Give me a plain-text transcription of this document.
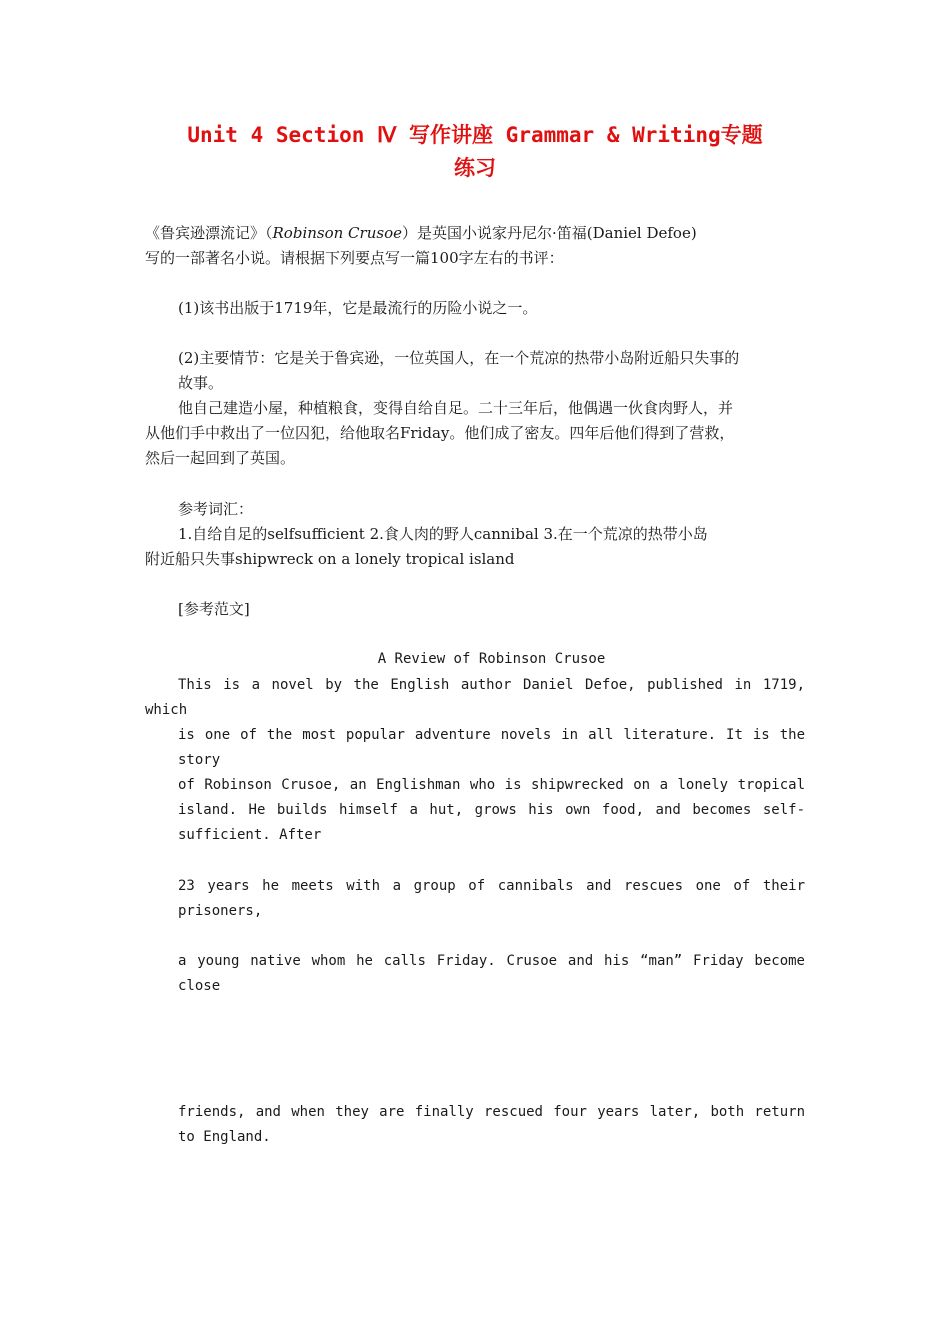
Unit 4 Section Ⅳ 写作讲座 Grammar & Writing专题
练习
《鲁宾逊漂流记》（Robinson Crusoe）是英国小说家丹尼尔·笛福(Daniel Defoe)
写的一部著名小说。请根据下列要点写一篇100字左右的书评：
(1)该书出版于1719年，它是最流行的历险小说之一。
(2)主要情节：它是关于鲁宾逊，一位英国人，在一个荒凉的热带小岛附近船只失事的
故事。
他自己建造小屋，种植粮食，变得自给自足。二十三年后，他偶遇一伙食肉野人，并
从他们手中救出了一位囚犯，给他取名Friday。他们成了密友。四年后他们得到了营救，
然后一起回到了英国。
参考词汇：
1.自给自足的selfsufficient 2.食人肉的野人cannibal 3.在一个荒凉的热带小岛
附近船只失事shipwreck on a lonely tropical island
[参考范文]
A Review of Robinson Crusoe
This is a novel by the English author Daniel Defoe, published in 1719,
which
is one of the most popular adventure novels in all literature. It is the
story
of Robinson Crusoe, an Englishman who is shipwrecked on a lonely tropical
island. He builds himself a hut, grows his own food, and becomes self-
sufficient. After
23 years he meets with a group of cannibals and rescues one of their
prisoners,
a young native whom he calls Friday. Crusoe and his “man” Friday become
close
friends, and when they are finally rescued four years later, both return
to England.
